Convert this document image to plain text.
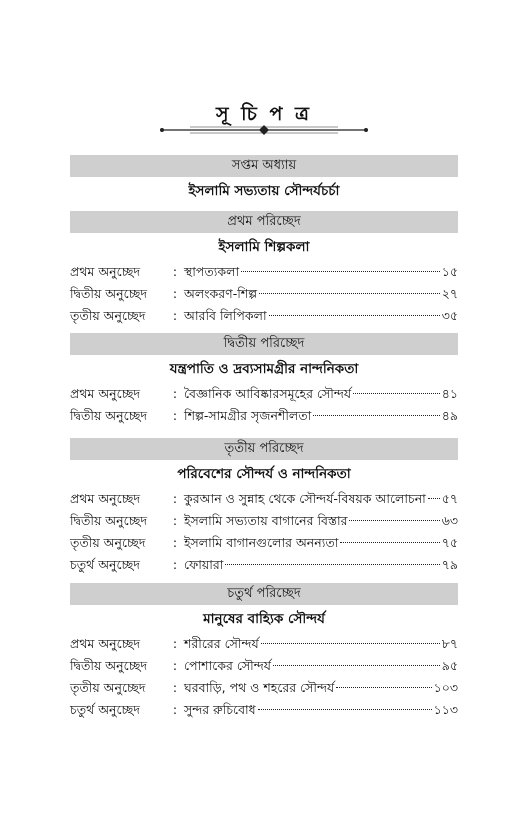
সূ চি প ত্র
সপ্তম অধ্যায়
ইসলামি সভ্যতায় সৌন্দর্যচর্চা
প্রথম পরিচ্ছেদ
ইসলামি শিল্পকলা
প্রথম অনুচ্ছেদ	: স্থাপত্যকলা	১৫
দ্বিতীয় অনুচ্ছেদ	: অলংকরণ-শিল্প	২৭
তৃতীয় অনুচ্ছেদ	: আরবি লিপিকলা	৩৫
দ্বিতীয় পরিচ্ছেদ
যন্ত্রপাতি ও দ্রব্যসামগ্রীর নান্দনিকতা
প্রথম অনুচ্ছেদ	: বৈজ্ঞানিক আবিষ্কারসমূহের সৌন্দর্য	৪১
দ্বিতীয় অনুচ্ছেদ	: শিল্প-সামগ্রীর সৃজনশীলতা	৪৯
তৃতীয় পরিচ্ছেদ
পরিবেশের সৌন্দর্য ও নান্দনিকতা
প্রথম অনুচ্ছেদ	: কুরআন ও সুন্নাহ থেকে সৌন্দর্য-বিষয়ক আলোচনা ৫৭
দ্বিতীয় অনুচ্ছেদ	: ইসলামি সভ্যতায় বাগানের বিস্তার	৬৩
তৃতীয় অনুচ্ছেদ	: ইসলামি বাগানগুলোর অনন্যতা	৭৫
চতুর্থ অনুচ্ছেদ	: ফোয়ারা	৭৯
চতুর্থ পরিচ্ছেদ
মানুষের বাহ্যিক সৌন্দর্য
প্রথম অনুচ্ছেদ	: শরীরের সৌন্দর্য	৮৭
দ্বিতীয় অনুচ্ছেদ	: পোশাকের সৌন্দর্য	৯৫
তৃতীয় অনুচ্ছেদ	: ঘরবাড়ি, পথ ও শহরের সৌন্দর্য	১০৩
চতুর্থ অনুচ্ছেদ	: সুন্দর রুচিবোধ	১১৩
